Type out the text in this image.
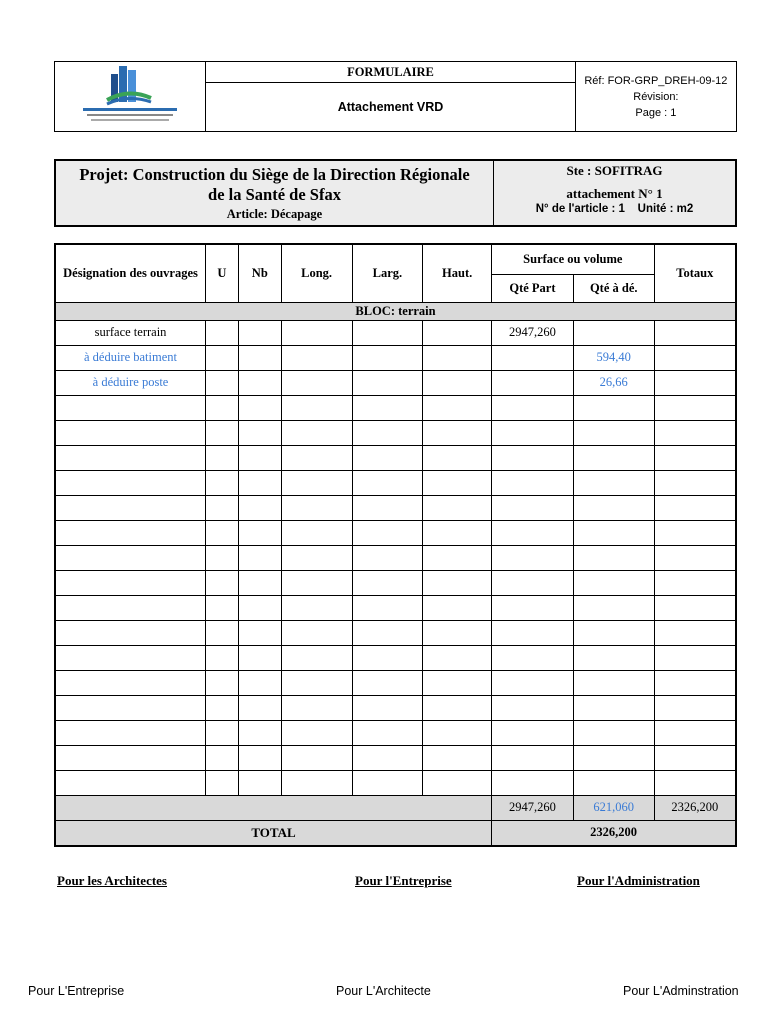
	FORMULAIRE	
Réf: FOR-GRP_DREH-09-12
Révision:
Page : 1

Attachement VRD
Projet: Construction du Siège de la Direction Régionale
de la Santé de Sfax
Article: Décapage
Ste : SOFITRAG
attachement N° 1
N° de l'article : 1 Unité : m2
Désignation des ouvrages	U	Nb	Long.	Larg.	Haut.	Surface ou volume		Totaux
						Qté Part	Qté à dé.	
BLOC: terrain								
surface terrain						2947,260		
à déduire batiment							594,40	
à déduire poste							26,66	

						2947,260	621,060	2326,200
TOTAL						2326,200		
Pour les Architectes	Pour l'Entreprise	Pour l'Administration
Pour L'Entreprise	Pour L'Architecte	Pour L'Adminstration
